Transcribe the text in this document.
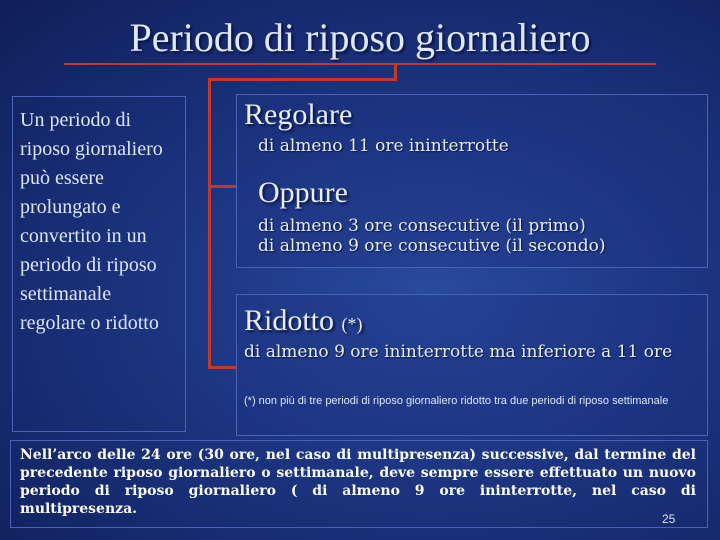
Periodo di riposo giornaliero
Un periodo di riposo giornaliero può essere prolungato e convertito in un periodo di riposo settimanale regolare o ridotto
Regolare
di almeno 11 ore ininterrotte
Oppure
di almeno 3 ore consecutive (il primo)
di almeno 9 ore consecutive (il secondo)
Ridotto (*)
di almeno 9 ore ininterrotte ma inferiore a 11 ore
(*) non più di tre periodi di riposo giornaliero ridotto tra due periodi di riposo settimanale
Nell’arco delle 24 ore (30 ore, nel caso di multipresenza) successive, dal termine del precedente riposo giornaliero o settimanale, deve sempre essere effettuato un nuovo periodo di riposo giornaliero ( di almeno 9 ore ininterrotte, nel caso di multipresenza.
25
